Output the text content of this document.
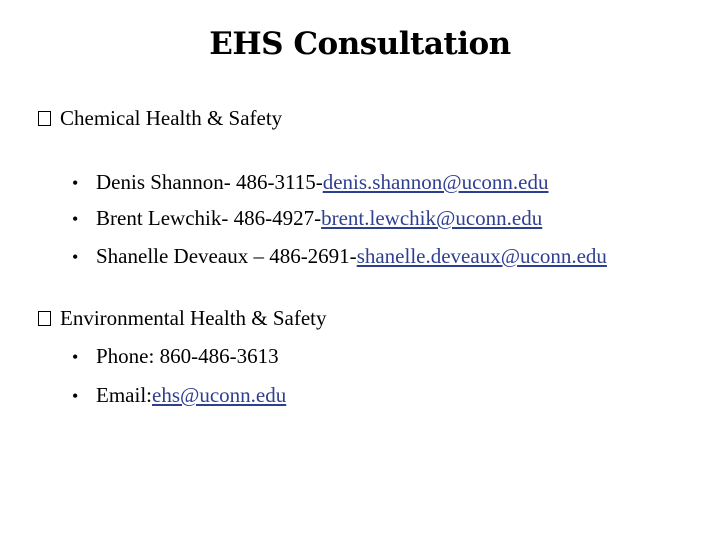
EHS Consultation
Chemical Health & Safety
• Denis Shannon- 486-3115- denis.shannon@uconn.edu
• Brent Lewchik- 486-4927- brent.lewchik@uconn.edu
• Shanelle Deveaux – 486-2691- shanelle.deveaux@uconn.edu
Environmental Health & Safety
• Phone: 860-486-3613
• Email: ehs@uconn.edu
